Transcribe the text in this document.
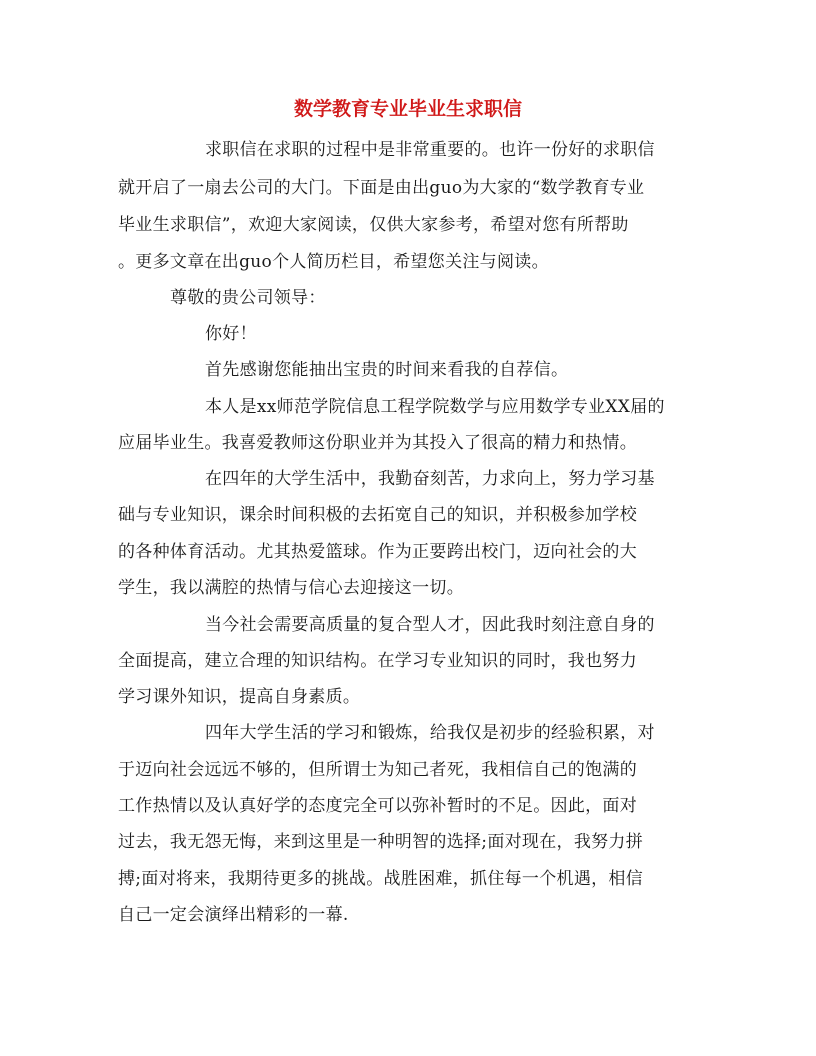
数学教育专业毕业生求职信
求职信在求职的过程中是非常重要的。也许一份好的求职信
就开启了一扇去公司的大门。下面是由出guo为大家的“数学教育专业
毕业生求职信”，欢迎大家阅读，仅供大家参考，希望对您有所帮助
。更多文章在出guo个人简历栏目，希望您关注与阅读。
尊敬的贵公司领导：
你好！
首先感谢您能抽出宝贵的时间来看我的自荐信。
本人是xx师范学院信息工程学院数学与应用数学专业XX届的
应届毕业生。我喜爱教师这份职业并为其投入了很高的精力和热情。
在四年的大学生活中，我勤奋刻苦，力求向上，努力学习基
础与专业知识，课余时间积极的去拓宽自己的知识，并积极参加学校
的各种体育活动。尤其热爱篮球。作为正要跨出校门，迈向社会的大
学生，我以满腔的热情与信心去迎接这一切。
当今社会需要高质量的复合型人才，因此我时刻注意自身的
全面提高，建立合理的知识结构。在学习专业知识的同时，我也努力
学习课外知识，提高自身素质。
四年大学生活的学习和锻炼，给我仅是初步的经验积累，对
于迈向社会远远不够的，但所谓士为知己者死，我相信自己的饱满的
工作热情以及认真好学的态度完全可以弥补暂时的不足。因此，面对
过去，我无怨无悔，来到这里是一种明智的选择;面对现在，我努力拼
搏;面对将来，我期待更多的挑战。战胜困难，抓住每一个机遇，相信
自己一定会演绎出精彩的一幕.
